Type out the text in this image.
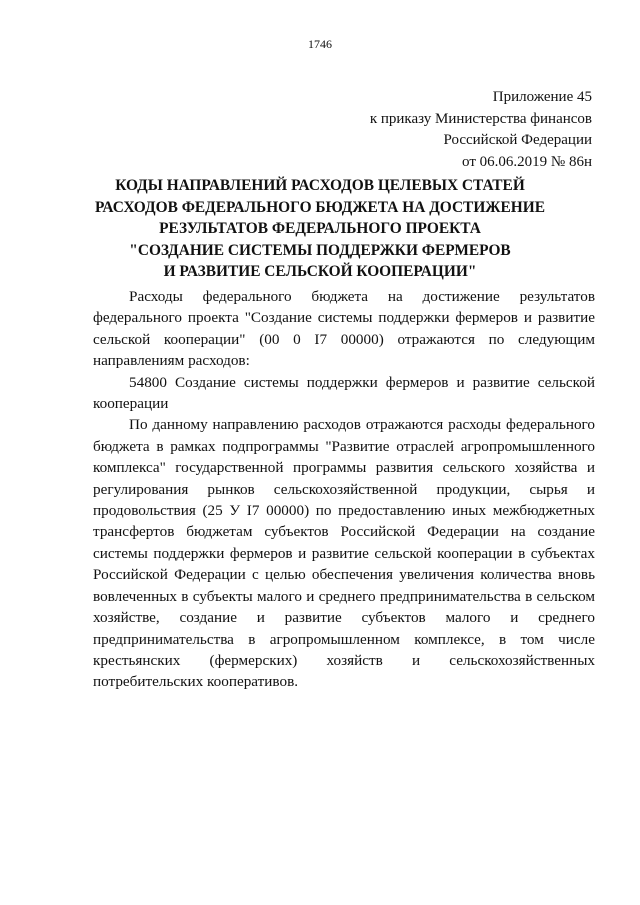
1746
Приложение 45
к приказу Министерства финансов
Российской Федерации
от 06.06.2019 № 86н
КОДЫ НАПРАВЛЕНИЙ РАСХОДОВ ЦЕЛЕВЫХ СТАТЕЙ
РАСХОДОВ ФЕДЕРАЛЬНОГО БЮДЖЕТА НА ДОСТИЖЕНИЕ
РЕЗУЛЬТАТОВ ФЕДЕРАЛЬНОГО ПРОЕКТА
"СОЗДАНИЕ СИСТЕМЫ ПОДДЕРЖКИ ФЕРМЕРОВ
И РАЗВИТИЕ СЕЛЬСКОЙ КООПЕРАЦИИ"

Расходы федерального бюджета на достижение результатов федерального проекта "Создание системы поддержки фермеров и развитие сельской кооперации" (00 0 I7 00000) отражаются по следующим направлениям расходов:

54800 Создание системы поддержки фермеров и развитие сельской кооперации

По данному направлению расходов отражаются расходы федерального бюджета в рамках подпрограммы "Развитие отраслей агропромышленного комплекса" государственной программы развития сельского хозяйства и регулирования рынков сельскохозяйственной продукции, сырья и продовольствия (25 У I7 00000) по предоставлению иных межбюджетных трансфертов бюджетам субъектов Российской Федерации на создание системы поддержки фермеров и развитие сельской кооперации в субъектах Российской Федерации с целью обеспечения увеличения количества вновь вовлеченных в субъекты малого и среднего предпринимательства в сельском хозяйстве, создание и развитие субъектов малого и среднего предпринимательства в агропромышленном комплексе, в том числе крестьянских (фермерских) хозяйств и сельскохозяйственных потребительских кооперативов.
